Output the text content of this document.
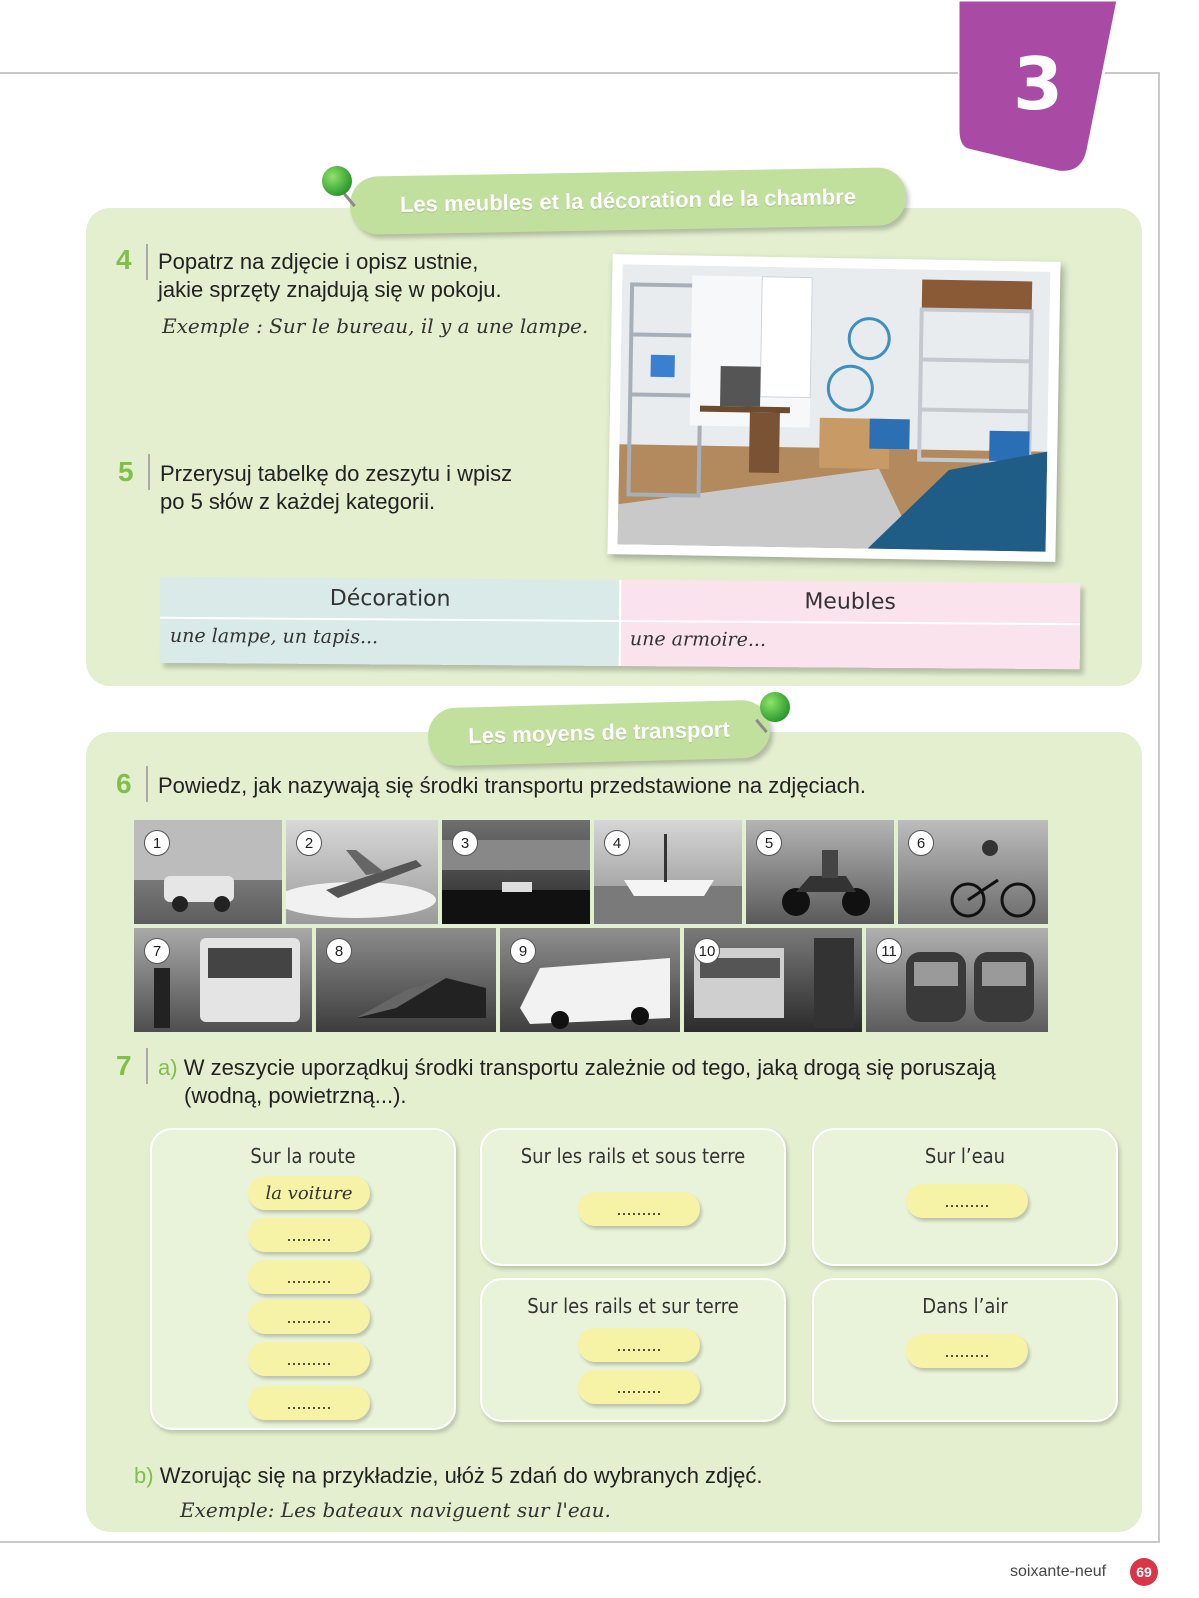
3
Les meubles et la décoration de la chambre
4 Popatrz na zdjęcie i opisz ustnie,
jakie sprzęty znajdują się w pokoju.
Exemple : Sur le bureau, il y a une lampe.
5 Przerysuj tabelkę do zeszytu i wpisz
po 5 słów z każdej kategorii.
Décoration
une lampe, un tapis...
Meubles
une armoire...
Les moyens de transport
6 Powiedz, jak nazywają się środki transportu przedstawione na zdjęciach.
1	2	3	4	5	6
7	8	9	10	11
7 a) W zeszycie uporządkuj środki transportu zależnie od tego, jaką drogą się poruszają
(wodną, powietrzną...).
Sur la route
la voiture
.........
.........
.........
.........
.........
Sur les rails et sous terre
.........
Sur l’eau
.........
Sur les rails et sur terre
.........
.........
Dans l’air
.........
b) Wzorując się na przykładzie, ułóż 5 zdań do wybranych zdjęć.
Exemple: Les bateaux naviguent sur l'eau.
soixante-neuf	69
